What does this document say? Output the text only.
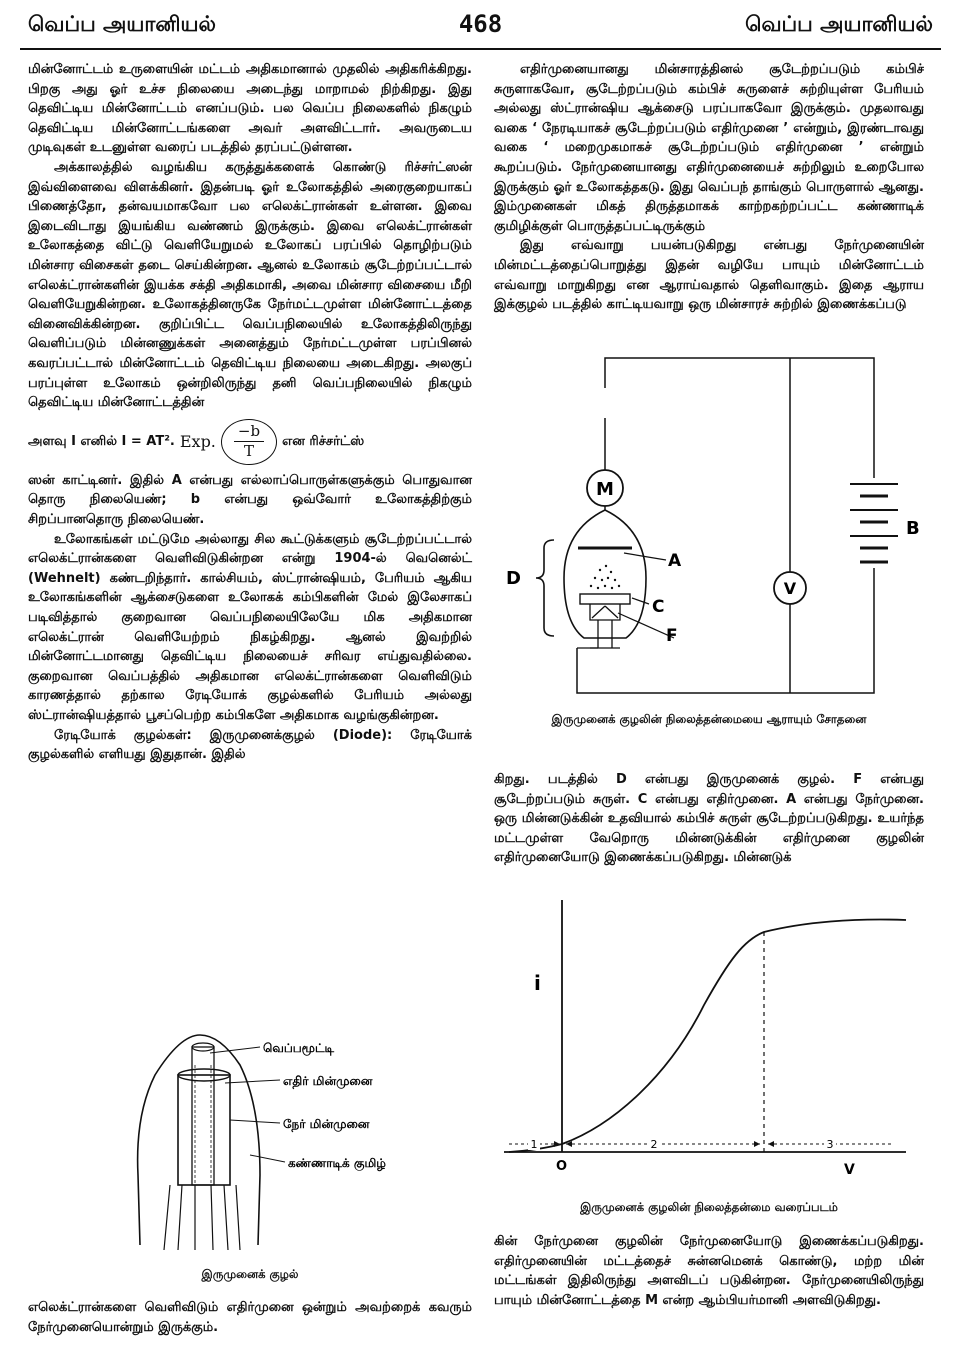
வெப்ப அயானியல்	468	வெப்ப அயானியல்

மின்னோட்டம் உருளையின் மட்டம் அதிகமானால் முதலில் அதிகரிக்கிறது. பிறகு அது ஓர் உச்ச நிலையை அடைந்து மாறாமல் நிற்கிறது. இது தெவிட்டிய மின்னோட்டம் எனப்படும். பல வெப்ப நிலைகளில் நிகழும் தெவிட்டிய மின்னோட்டங்களை அவர் அளவிட்டார். அவருடைய முடிவுகள் உடனுள்ள வரைப் படத்தில் தரப்பட்டுள்ளன.

அக்காலத்தில் வழங்கிய கருத்துக்களைக் கொண்டு ரிச்சர்ட்ஸன் இவ்விளைவை விளக்கினர். இதன்படி ஓர் உலோகத்தில் அரைகுறையாகப் பிணைத்தோ, தன்வயமாகவோ பல எலெக்ட்ரான்கள் உள்ளன. இவை இடைவிடாது இயங்கிய வண்ணம் இருக்கும். இவை எலெக்ட்ரான்கள் உலோகத்தை விட்டு வெளியேறுமல் உலோகப் பரப்பில் தொழிற்படும் மின்சார விசைகள் தடை செய்கின்றன. ஆனல் உலோகம் சூடேற்றப்பட்டால் எலெக்ட்ரான்களின் இயக்க சக்தி அதிகமாகி, அவை மின்சார விசையை மீறி வெளியேறுகின்றன. உலோகத்தினருகே நேர்மட்டமுள்ள மின்னோட்டத்தை வினைவிக்கின்றன. குறிப்பிட்ட வெப்பநிலையில் உலோகத்திலிருந்து வெளிப்படும் மின்னணுக்கள் அனைத்தும் நேர்மட்டமுள்ள பரப்பினல் கவரப்பட்டால் மின்னோட்டம் தெவிட்டிய நிலையை அடைகிறது. அலகுப் பரப்புள்ள உலோகம் ஒன்றிலிருந்து தனி வெப்பநிலையில் நிகழும் தெவிட்டிய மின்னோட்டத்தின்

அளவு I எனில் I = AT². Exp. $\frac{-b}{T}$ என ரிச்சர்ட்ஸ்

ஸன் காட்டினர். இதில் A என்பது எல்லாப்பொருள்களுக்கும் பொதுவான தொரு நிலையெண்; b என்பது ஒவ்வோர் உலோகத்திற்கும் சிறப்பானதொரு நிலையெண்.

உலோகங்கள் மட்டுமே அல்லாது சில கூட்டுக்களும் சூடேற்றப்பட்டால் எலெக்ட்ரான்களை வெளிவிடுகின்றன என்று 1904-ல் வெனெல்ட் (Wehnelt) கண்டறிந்தார். கால்சியம், ஸ்ட்ரான்ஷியம், பேரியம் ஆகிய உலோகங்களின் ஆக்சைடுகளை உலோகக் கம்பிகளின் மேல் இலேசாகப் படிவித்தால் குறைவான வெப்பநிலையிலேயே மிக அதிகமான எலெக்ட்ரான் வெளியேற்றம் நிகழ்கிறது. ஆனல் இவற்றில் மின்னோட்டமானது தெவிட்டிய நிலையைச் சரிவர எய்துவதில்லை. குறைவான வெப்பத்தில் அதிகமான எலெக்ட்ரான்களை வெளிவிடும் காரணத்தால் தற்கால ரேடியோக் குழல்களில் பேரியம் அல்லது ஸ்ட்ரான்ஷியத்தால் பூசப்பெற்ற கம்பிகளே அதிகமாக வழங்குகின்றன.

ரேடியோக் குழல்கள்: இருமுனைக்குழல் (Diode): ரேடியோக் குழல்களில் எளியது இதுதான். இதில்

வெப்பமூட்டி
எதிர் மின்முனை
நேர் மின்முனை
கண்ணாடிக் குமிழ்
இருமுனைக் குழல்

எலெக்ட்ரான்களை வெளிவிடும் எதிர்முனை ஒன்றும் அவற்றைக் கவரும் நேர்முனையொன்றும் இருக்கும்.

எதிர்முனையானது மின்சாரத்தினல் சூடேற்றப்படும் கம்பிச் சுருளாகவோ, சூடேற்றப்படும் கம்பிச் சுருளைச் சுற்றியுள்ள பேரியம் அல்லது ஸ்ட்ரான்ஷிய ஆக்சைடு பரப்பாகவோ இருக்கும். முதலாவது வகை ‘ நேரடியாகச் சூடேற்றப்படும் எதிர்முனை ’ என்றும், இரண்டாவது வகை ‘ மறைமுகமாகச் சூடேற்றப்படும் எதிர்முனை ’ என்றும் கூறப்படும். நேர்முனையானது எதிர்முனையைச் சுற்றிலும் உறைபோல இருக்கும் ஓர் உலோகத்தகடு. இது வெப்பந் தாங்கும் பொருளால் ஆனது. இம்முனைகள் மிகத் திருத்தமாகக் காற்றகற்றப்பட்ட கண்ணாடிக் குமிழிக்குள் பொருத்தப்பட்டிருக்கும்

இது எவ்வாறு பயன்படுகிறது என்பது நேர்முனையின் மின்மட்டத்தைப்பொறுத்து இதன் வழியே பாயும் மின்னோட்டம் எவ்வாறு மாறுகிறது என ஆராய்வதால் தெளிவாகும். இதை ஆராய இக்குழல் படத்தில் காட்டியவாறு ஒரு மின்சாரச் சுற்றில் இணைக்கப்படு

M
V
B
A
C
F
D
இருமுனைக் குழலின் நிலைத்தன்மையை ஆராயும் சோதனை

கிறது. படத்தில் D என்பது இருமுனைக் குழல். F என்பது சூடேற்றப்படும் சுருள். C என்பது எதிர்முனை. A என்பது நேர்முனை. ஒரு மின்னடுக்கின் உதவியால் கம்பிச் சுருள் சூடேற்றப்படுகிறது. உயர்ந்த மட்டமுள்ள வேறொரு மின்னடுக்கின் எதிர்முனை குழலின் எதிர்முனையோடு இணைக்கப்படுகிறது. மின்னடுக்

i
V
O
1	2	3
இருமுனைக் குழலின் நிலைத்தன்மை வரைப்படம்

கின் நேர்முனை குழலின் நேர்முனையோடு இணைக்கப்படுகிறது. எதிர்முனையின் மட்டத்தைச் சுன்னமெனக் கொண்டு, மற்ற மின் மட்டங்கள் இதிலிருந்து அளவிடப் படுகின்றன. நேர்முனையிலிருந்து பாயும் மின்னோட்டத்தை M என்ற ஆம்பியர்மானி அளவிடுகிறது.
